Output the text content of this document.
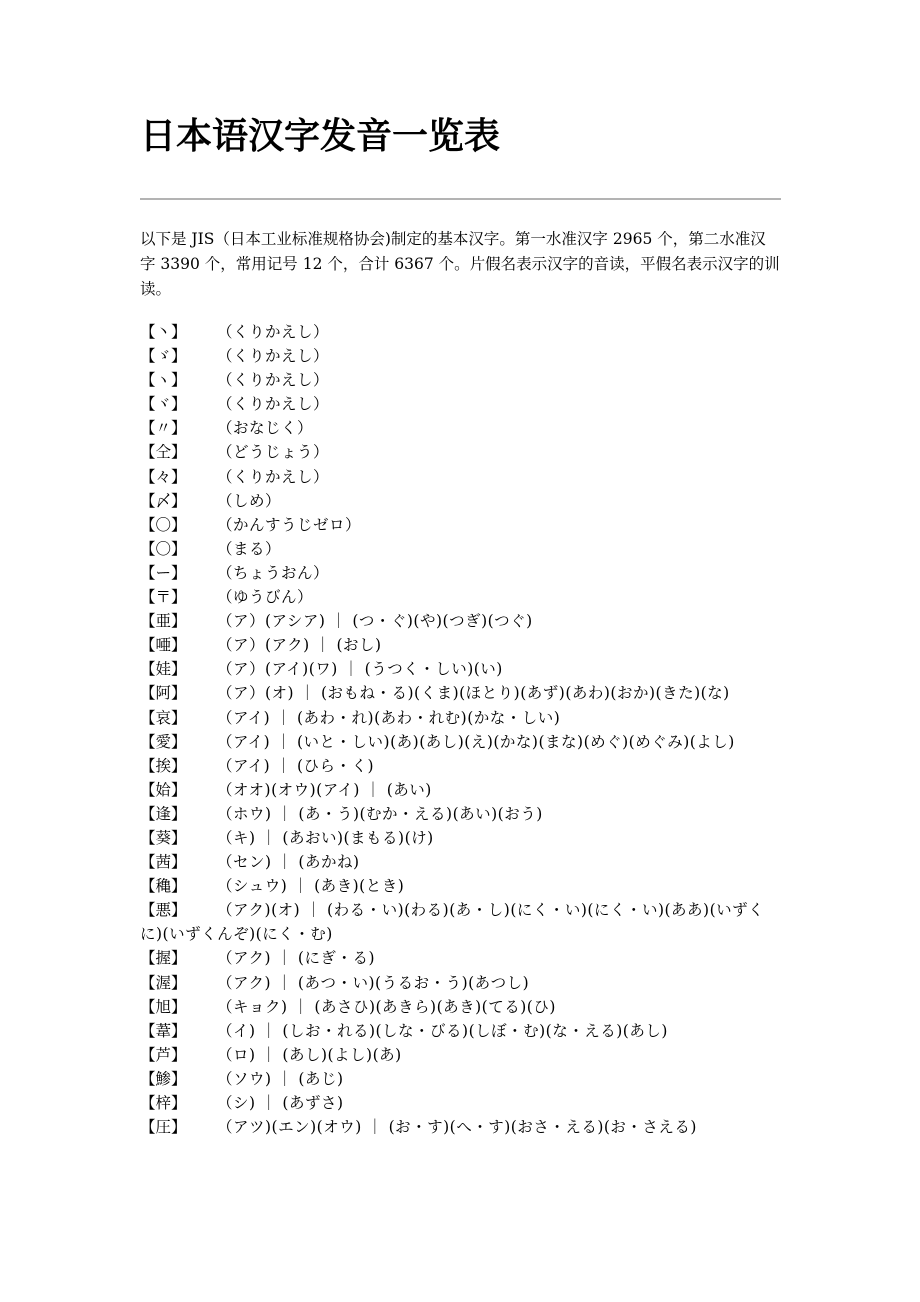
日本语汉字发音一览表

以下是 JIS（日本工业标准规格协会)制定的基本汉字。第一水准汉字 2965 个，第二水准汉字 3390 个，常用记号 12 个，合计 6367 个。片假名表示汉字的音读，平假名表示汉字的训读。

【丶】 （くりかえし）
【ゞ】 （くりかえし）
【ヽ】 （くりかえし）
【ヾ】 （くりかえし）
【〃】 （おなじく）
【仝】 （どうじょう）
【々】 （くりかえし）
【〆】 （しめ）
【〇】 （かんすうじゼロ）
【〇】 （まる）
【ー】 （ちょうおん）
【〒】 （ゆうびん）
【亜】 （ア）(アシア) ｜ (つ・ぐ)(や)(つぎ)(つぐ)
【唖】 （ア）(アク) ｜ (おし)
【娃】 （ア）(アイ)(ワ) ｜ (うつく・しい)(い)
【阿】 （ア）(オ) ｜ (おもね・る)(くま)(ほとり)(あず)(あわ)(おか)(きた)(な)
【哀】 （アイ) ｜ (あわ・れ)(あわ・れむ)(かな・しい)
【愛】 （アイ) ｜ (いと・しい)(あ)(あし)(え)(かな)(まな)(めぐ)(めぐみ)(よし)
【挨】 （アイ) ｜ (ひら・く)
【姶】 （オオ)(オウ)(アイ) ｜ (あい)
【逢】 （ホウ) ｜ (あ・う)(むか・える)(あい)(おう)
【葵】 （キ) ｜ (あおい)(まもる)(け)
【茜】 （セン) ｜ (あかね)
【穐】 （シュウ) ｜ (あき)(とき)
【悪】 （アク)(オ) ｜ (わる・い)(わる)(あ・し)(にく・い)(にく・い)(ああ)(いずくに)(いずくんぞ)(にく・む)
【握】 （アク) ｜ (にぎ・る)
【渥】 （アク) ｜ (あつ・い)(うるお・う)(あつし)
【旭】 （キョク) ｜ (あさひ)(あきら)(あき)(てる)(ひ)
【葦】 （イ) ｜ (しお・れる)(しな・びる)(しぼ・む)(な・える)(あし)
【芦】 （ロ) ｜ (あし)(よし)(あ)
【鯵】 （ソウ) ｜ (あじ)
【梓】 （シ) ｜ (あずさ)
【圧】 （アツ)(エン)(オウ) ｜ (お・す)(へ・す)(おさ・える)(お・さえる)
